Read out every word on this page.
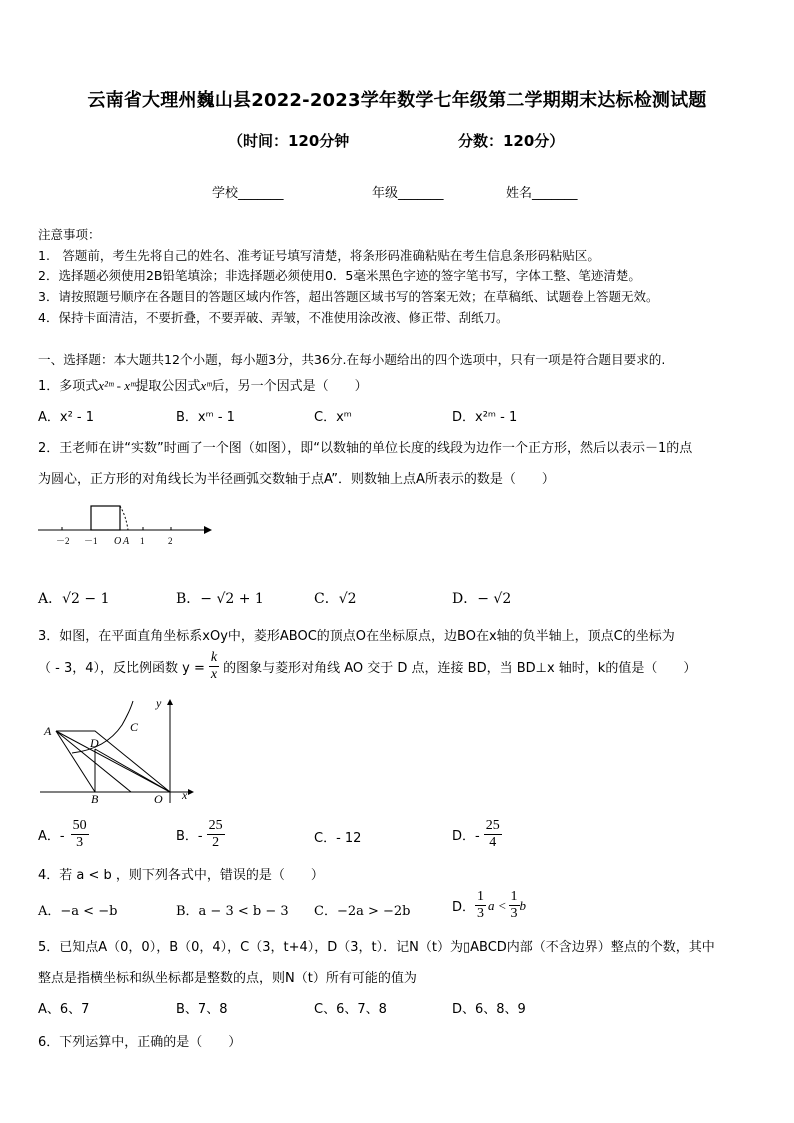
云南省大理州巍山县2022-2023学年数学七年级第二学期期末达标检测试题
（时间：120分钟	分数：120分）
学校_______	年级_______	姓名_______
注意事项：
1.　答题前，考生先将自己的姓名、准考证号填写清楚，将条形码准确粘贴在考生信息条形码粘贴区。
2．选择题必须使用2B铅笔填涂；非选择题必须使用0．5毫米黑色字迹的签字笔书写，字体工整、笔迹清楚。
3．请按照题号顺序在各题目的答题区域内作答，超出答题区域书写的答案无效；在草稿纸、试题卷上答题无效。
4．保持卡面清洁，不要折叠，不要弄破、弄皱，不准使用涂改液、修正带、刮纸刀。
一、选择题：本大题共12个小题，每小题3分，共36分.在每小题给出的四个选项中，只有一项是符合题目要求的.
1．多项式x²ᵐ - xᵐ提取公因式xᵐ后，另一个因式是（　　）
A．x² - 1	B．xᵐ - 1	C．xᵐ	D．x²ᵐ - 1
2．王老师在讲“实数”时画了一个图（如图），即“以数轴的单位长度的线段为边作一个正方形，然后以表示－1的点
为圆心，正方形的对角线长为半径画弧交数轴于点A”．则数轴上点A所表示的数是（　　）
－2 －1 O A 1	2
A．√2 − 1	B．− √2 + 1	C．√2	D．− √2
3．如图，在平面直角坐标系xOy中，菱形ABOC的顶点O在坐标原点，边BO在x轴的负半轴上，顶点C的坐标为
（ - 3，4），反比例函数 $y = \frac{k}{x}$ 的图象与菱形对角线 AO 交于 D 点，连接 BD，当 BD⊥x 轴时，k的值是（　　）
A	C
D
B	O x
y
A．- $\frac{50}{3}$	B．- $\frac{25}{2}$	C．- 12	D．- $\frac{25}{4}$
4．若 a < b ，则下列各式中，错误的是（　　）
A．−a < −b	B．a − 3 < b − 3 C．−2a > −2b	D． $\frac{1}{3}$ $a < \frac{1}{3}$ b
5．已知点A（0，0），B（0，4），C（3，t+4），D（3，t）．记N（t）为▯ABCD内部（不含边界）整点的个数，其中
整点是指横坐标和纵坐标都是整数的点，则N（t）所有可能的值为
A、6、7	B、7、8	C、6、7、8	D、6、8、9
6．下列运算中，正确的是（　　）
